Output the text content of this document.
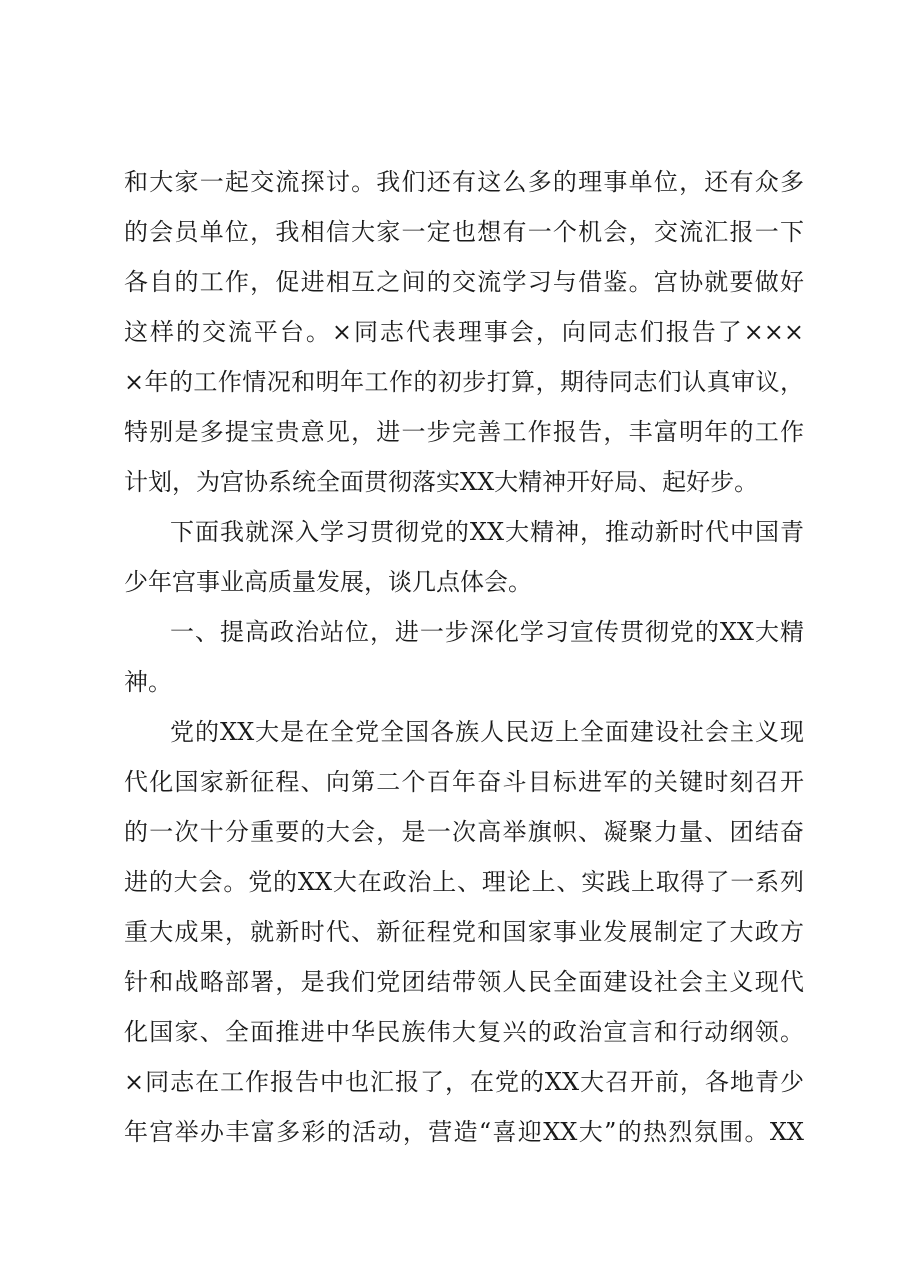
和大家一起交流探讨。我们还有这么多的理事单位，还有众多
的会员单位，我相信大家一定也想有一个机会，交流汇报一下
各自的工作，促进相互之间的交流学习与借鉴。宫协就要做好
这样的交流平台。×同志代表理事会，向同志们报告了×××
×年的工作情况和明年工作的初步打算，期待同志们认真审议，
特别是多提宝贵意见，进一步完善工作报告，丰富明年的工作
计划，为宫协系统全面贯彻落实XX大精神开好局、起好步。
下面我就深入学习贯彻党的XX大精神，推动新时代中国青
少年宫事业高质量发展，谈几点体会。
一、提高政治站位，进一步深化学习宣传贯彻党的XX大精
神。
党的XX大是在全党全国各族人民迈上全面建设社会主义现
代化国家新征程、向第二个百年奋斗目标进军的关键时刻召开
的一次十分重要的大会，是一次高举旗帜、凝聚力量、团结奋
进的大会。党的XX大在政治上、理论上、实践上取得了一系列
重大成果，就新时代、新征程党和国家事业发展制定了大政方
针和战略部署，是我们党团结带领人民全面建设社会主义现代
化国家、全面推进中华民族伟大复兴的政治宣言和行动纲领。
×同志在工作报告中也汇报了，在党的XX大召开前，各地青少
年宫举办丰富多彩的活动，营造“喜迎XX大”的热烈氛围。XX
